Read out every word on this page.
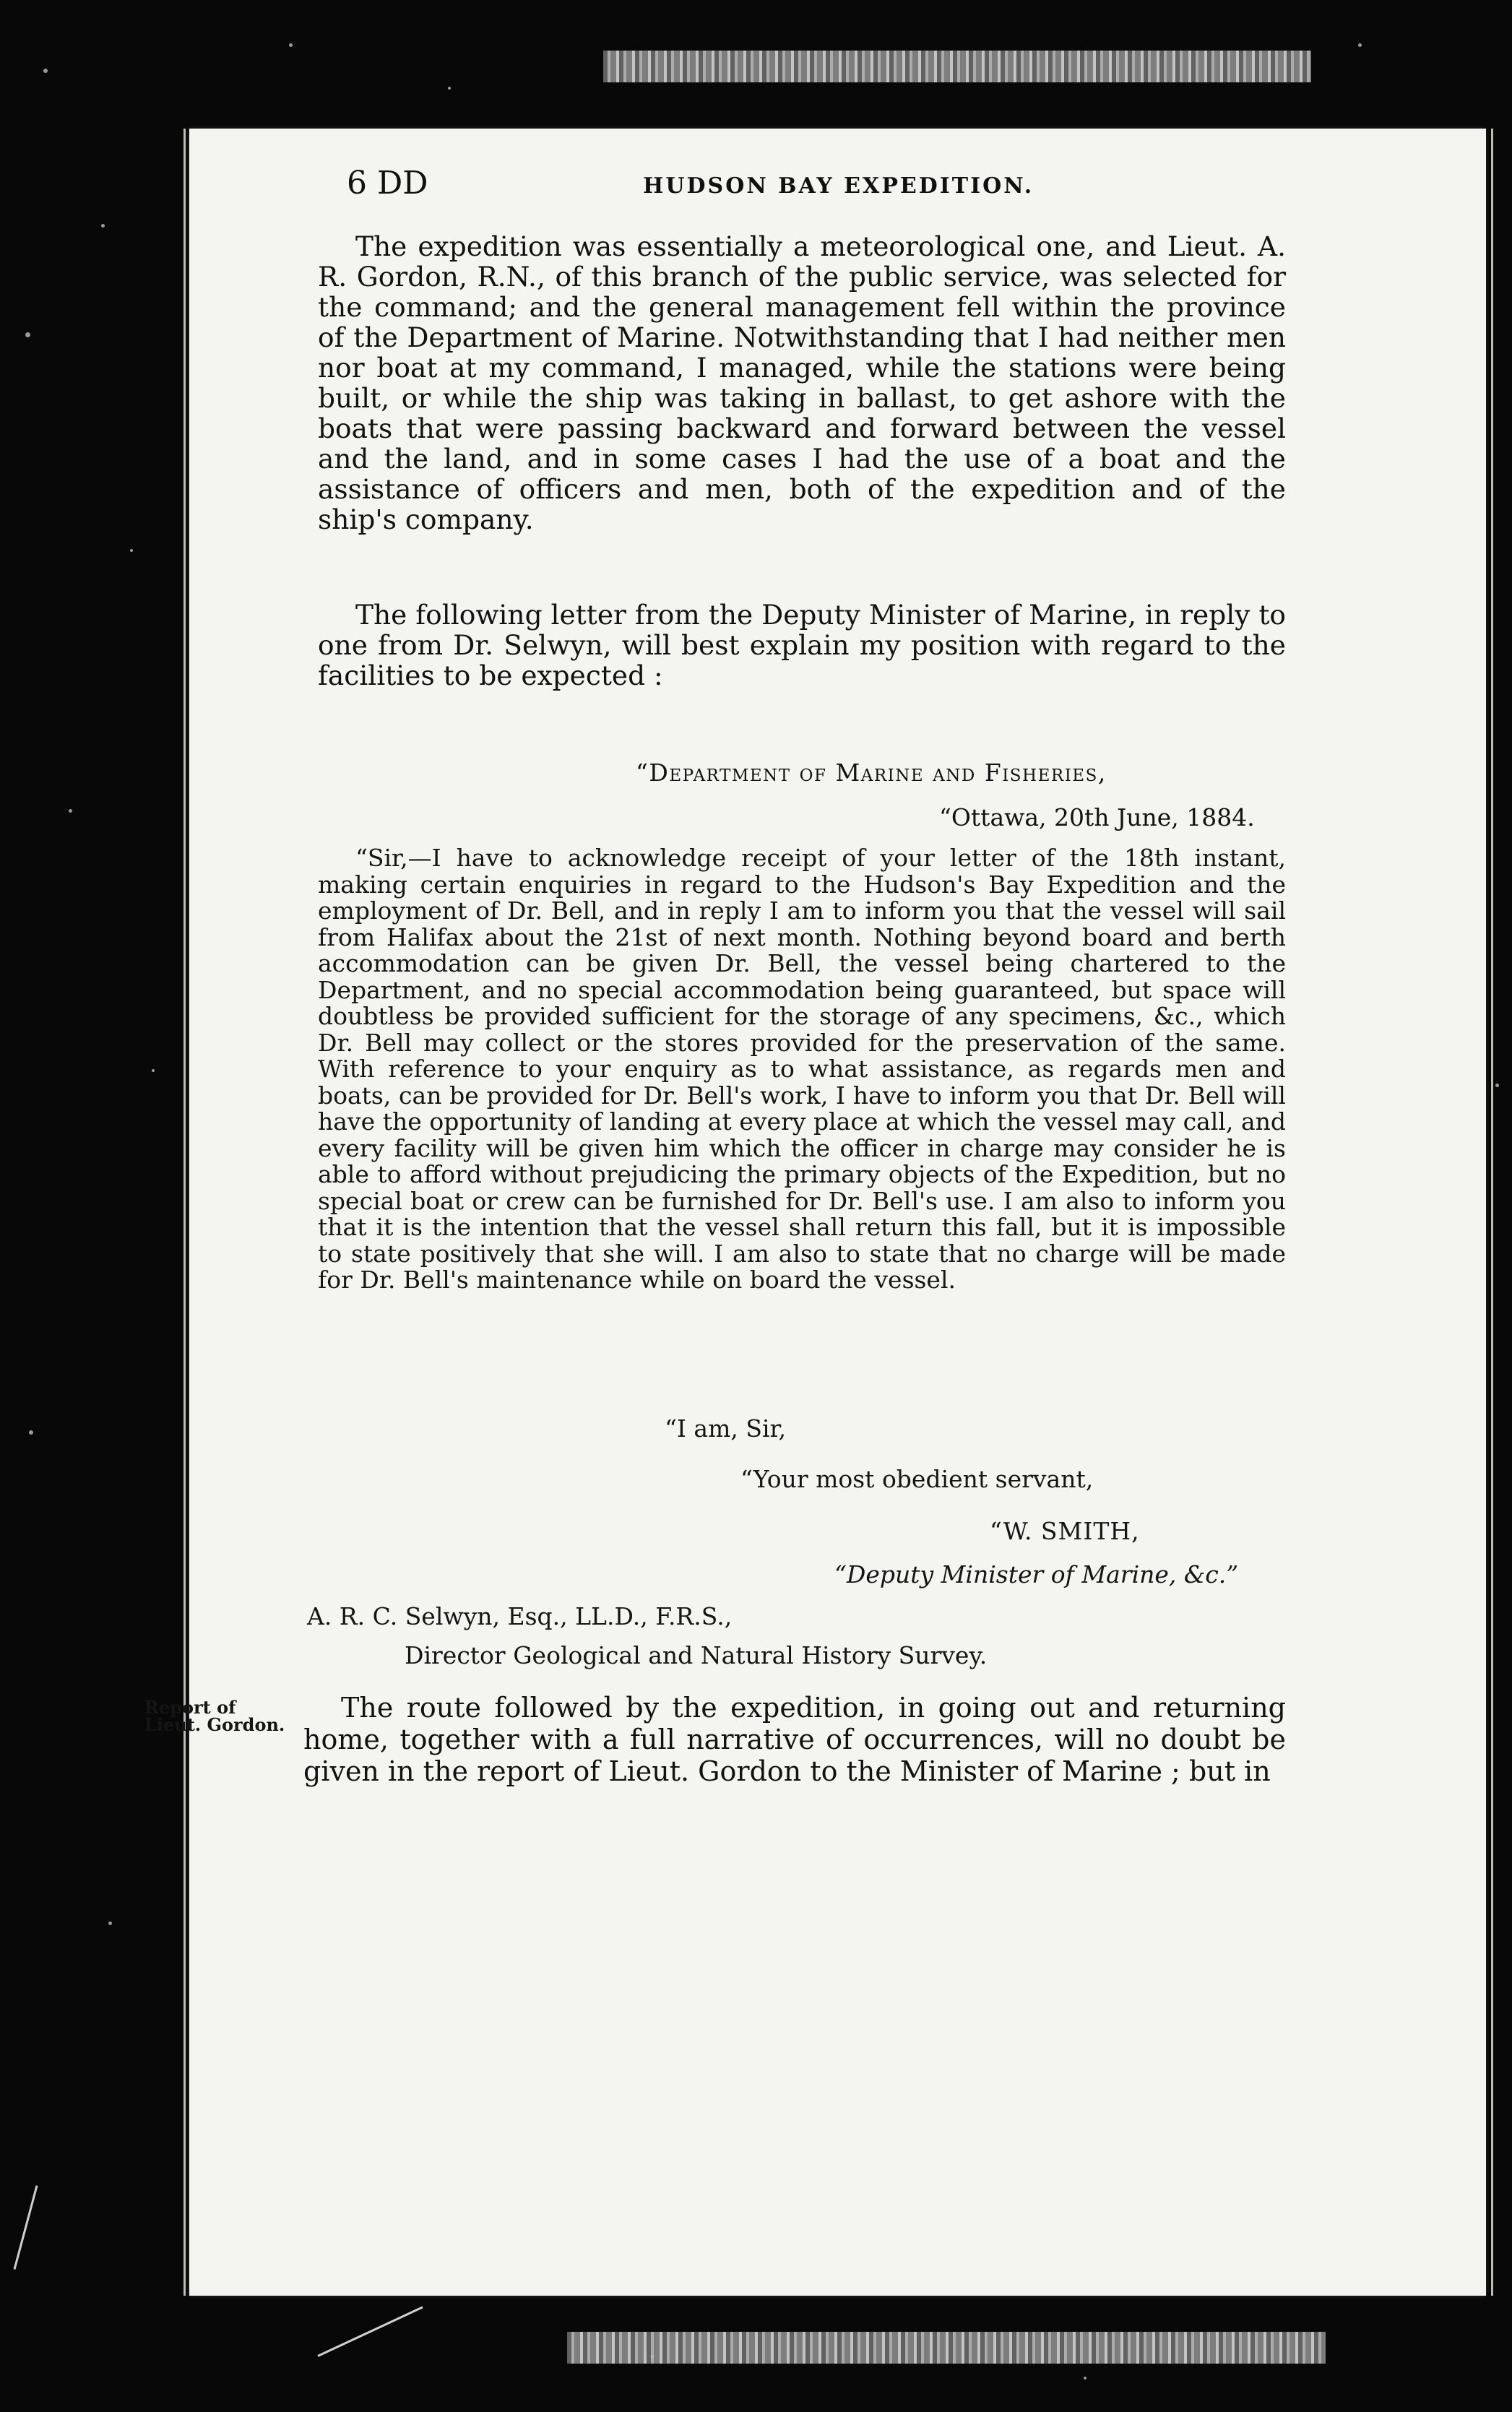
6 DD	HUDSON BAY EXPEDITION.
The expedition was essentially a meteorological one, and Lieut. A. R. Gordon, R.N., of this branch of the public service, was selected for the command; and the general management fell within the province of the Department of Marine. Notwithstanding that I had neither men nor boat at my command, I managed, while the stations were being built, or while the ship was taking in ballast, to get ashore with the boats that were passing backward and forward between the vessel and the land, and in some cases I had the use of a boat and the assistance of officers and men, both of the expedition and of the ship's company.
The following letter from the Deputy Minister of Marine, in reply to one from Dr. Selwyn, will best explain my position with regard to the facilities to be expected :
“Department of Marine and Fisheries,
“Ottawa, 20th June, 1884.
“Sir,—I have to acknowledge receipt of your letter of the 18th instant, making certain enquiries in regard to the Hudson's Bay Expedition and the employment of Dr. Bell, and in reply I am to inform you that the vessel will sail from Halifax about the 21st of next month. Nothing beyond board and berth accommodation can be given Dr. Bell, the vessel being chartered to the Department, and no special accommodation being guaranteed, but space will doubtless be provided sufficient for the storage of any specimens, &c., which Dr. Bell may collect or the stores provided for the preservation of the same. With reference to your enquiry as to what assistance, as regards men and boats, can be provided for Dr. Bell's work, I have to inform you that Dr. Bell will have the opportunity of landing at every place at which the vessel may call, and every facility will be given him which the officer in charge may consider he is able to afford without prejudicing the primary objects of the Expedition, but no special boat or crew can be furnished for Dr. Bell's use. I am also to inform you that it is the intention that the vessel shall return this fall, but it is impossible to state positively that she will. I am also to state that no charge will be made for Dr. Bell's maintenance while on board the vessel.
“I am, Sir,
“Your most obedient servant,
“W. SMITH,
“Deputy Minister of Marine, &c.”
A. R. C. Selwyn, Esq., LL.D., F.R.S.,
Director Geological and Natural History Survey.
Report of Lieut. Gordon.
The route followed by the expedition, in going out and returning home, together with a full narrative of occurrences, will no doubt be given in the report of Lieut. Gordon to the Minister of Marine ; but in
